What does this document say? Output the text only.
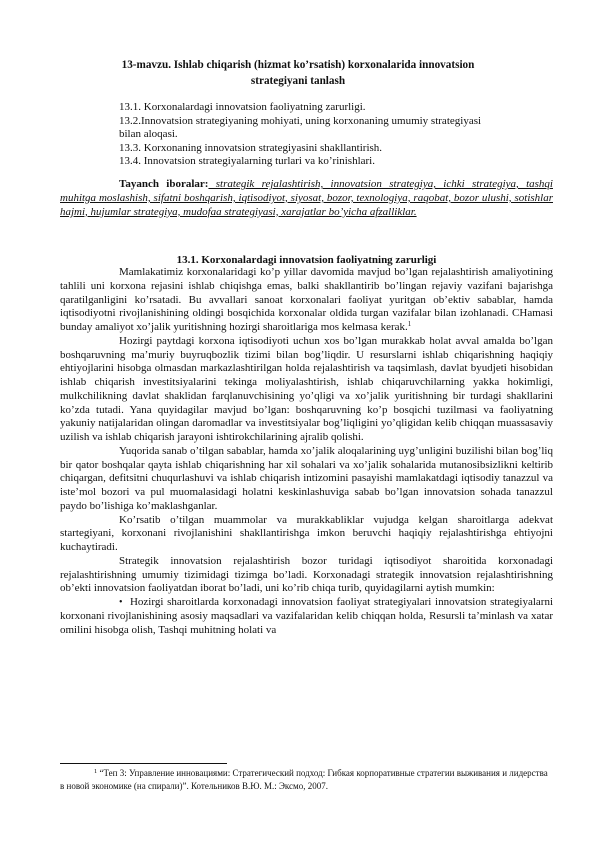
13-mavzu. Ishlab chiqarish (hizmat ko’rsatish) korxonalarida innovatsion
strategiyani tanlash
13.1. Korxonalardagi innovatsion faoliyatning zarurligi.
13.2.Innovatsion strategiyaning mohiyati, uning korxonaning umumiy strategiyasi
bilan aloqasi.
13.3. Korxonaning innovatsion strategiyasini shakllantirish.
13.4. Innovatsion strategiyalarning turlari va ko’rinishlari.
Tayanch iboralar: strategik rejalashtirish, innovatsion strategiya, ichki strategiya, tashqi muhitga moslashish, sifatni boshqarish, iqtisodiyot, siyosat, bozor, texnologiya, raqobat, bozor ulushi, sotishlar hajmi, hujumlar strategiya, mudofaa strategiyasi, xarajatlar bo’yicha afzalliklar.
13.1. Korxonalardagi innovatsion faoliyatning zarurligi

Mamlakatimiz korxonalaridagi ko’p yillar davomida mavjud bo’lgan rejalashtirish amaliyotining tahlili uni korxona rejasini ishlab chiqishga emas, balki shakllantirib bo’lingan rejaviy vazifani bajarishga qaratilganligini ko’rsatadi. Bu avvallari sanoat korxonalari faoliyat yuritgan ob’ektiv sabablar, hamda iqtisodiyotni rivojlanishining oldingi bosqichida korxonalar oldida turgan vazifalar bilan izohlanadi. CHamasi bunday amaliyot xo’jalik yuritishning hozirgi sharoitlariga mos kelmasa kerak.$^1$

Hozirgi paytdagi korxona iqtisodiyoti uchun xos bo’lgan murakkab holat avval amalda bo’lgan boshqaruvning ma’muriy buyruqbozlik tizimi bilan bog’liqdir. U resurslarni ishlab chiqarishning haqiqiy ehtiyojlarini hisobga olmasdan markazlashtirilgan holda rejalashtirish va taqsimlash, davlat byudjeti hisobidan ishlab chiqarish investitsiyalarini tekinga moliyalashtirish, ishlab chiqaruvchilarning yakka hokimligi, mulkchilikning davlat shaklidan farqlanuvchisining yo’qligi va xo’jalik yuritishning bir turdagi shakllarini ko’zda tutadi. Yana quyidagilar mavjud bo’lgan: boshqaruvning ko’p bosqichi tuzilmasi va faoliyatning yakuniy natijalaridan olingan daromadlar va investitsiyalar bog’liqligini yo’qligidan kelib chiqqan muassasaviy uzilish va ishlab chiqarish jarayoni ishtirokchilarining ajralib qolishi.

Yuqorida sanab o’tilgan sabablar, hamda xo’jalik aloqalarining uyg’unligini buzilishi bilan bog’liq bir qator boshqalar qayta ishlab chiqarishning har xil sohalari va xo’jalik sohalarida mutanosibsizlikni keltirib chiqargan, defitsitni chuqurlashuvi va ishlab chiqarish intizomini pasayishi mamlakatdagi iqtisodiy tanazzul va iste’mol bozori va pul muomalasidagi holatni keskinlashuviga sabab bo’lgan innovatsion sohada tanazzul paydo bo’lishiga ko’maklashganlar.

Ko’rsatib o’tilgan muammolar va murakkabliklar vujudga kelgan sharoitlarga adekvat startegiyani, korxonani rivojlanishini shakllantirishga imkon beruvchi haqiqiy rejalashtirishga ehtiyojni kuchaytiradi.

Strategik innovatsion rejalashtirish bozor turidagi iqtisodiyot sharoitida korxonadagi rejalashtirishning umumiy tizimidagi tizimga bo’ladi. Korxonadagi strategik innovatsion rejalashtirishning ob’ekti innovatsion faoliyatdan iborat bo’ladi, uni ko’rib chiqa turib, quyidagilarni aytish mumkin:

• Hozirgi sharoitlarda korxonadagi innovatsion faoliyat strategiyalari innovatsion strategiyalarni korxonani rivojlanishining asosiy maqsadlari va vazifalaridan kelib chiqqan holda, Resursli ta’minlash va xatar omilini hisobga olish, Tashqi muhitning holati va

$^1$ “Теп 3: Управление инновациями: Стратегический подход: Гибкая корпоративные стратегии выживания и лидерства в новой экономике (на спирали)”. Котельников В.Ю. М.: Эксмо, 2007.
